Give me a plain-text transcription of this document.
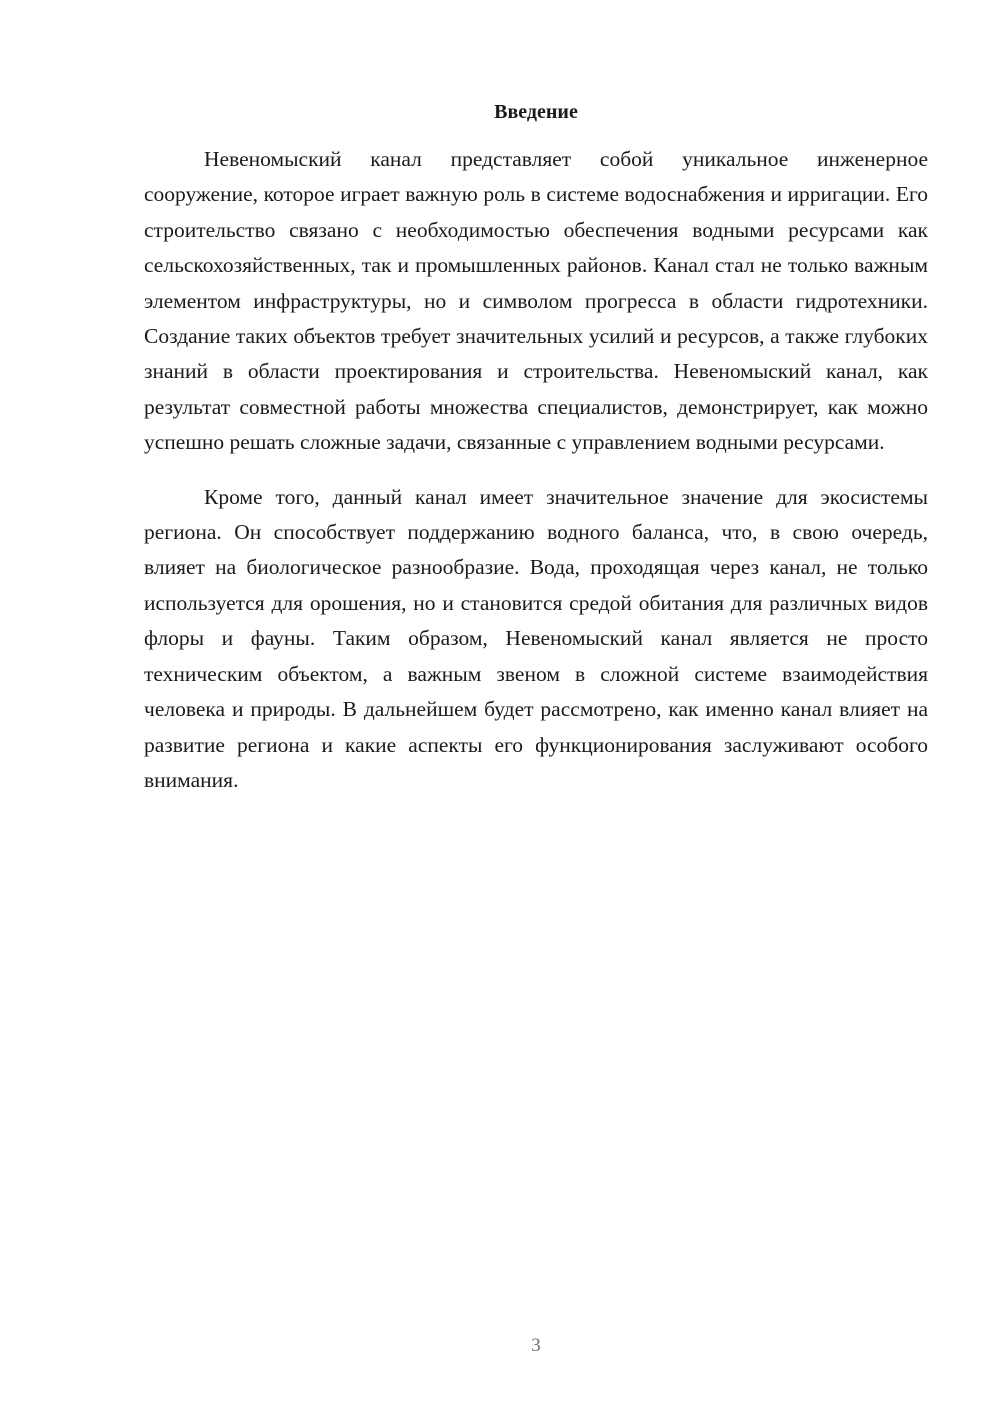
Введение

Невеномыский канал представляет собой уникальное инженерное сооружение, которое играет важную роль в системе водоснабжения и ирригации. Его строительство связано с необходимостью обеспечения водными ресурсами как сельскохозяйственных, так и промышленных районов. Канал стал не только важным элементом инфраструктуры, но и символом прогресса в области гидротехники. Создание таких объектов требует значительных усилий и ресурсов, а также глубоких знаний в области проектирования и строительства. Невеномыский канал, как результат совместной работы множества специалистов, демонстрирует, как можно успешно решать сложные задачи, связанные с управлением водными ресурсами.

Кроме того, данный канал имеет значительное значение для экосистемы региона. Он способствует поддержанию водного баланса, что, в свою очередь, влияет на биологическое разнообразие. Вода, проходящая через канал, не только используется для орошения, но и становится средой обитания для различных видов флоры и фауны. Таким образом, Невеномыский канал является не просто техническим объектом, а важным звеном в сложной системе взаимодействия человека и природы. В дальнейшем будет рассмотрено, как именно канал влияет на развитие региона и какие аспекты его функционирования заслуживают особого внимания.

3
